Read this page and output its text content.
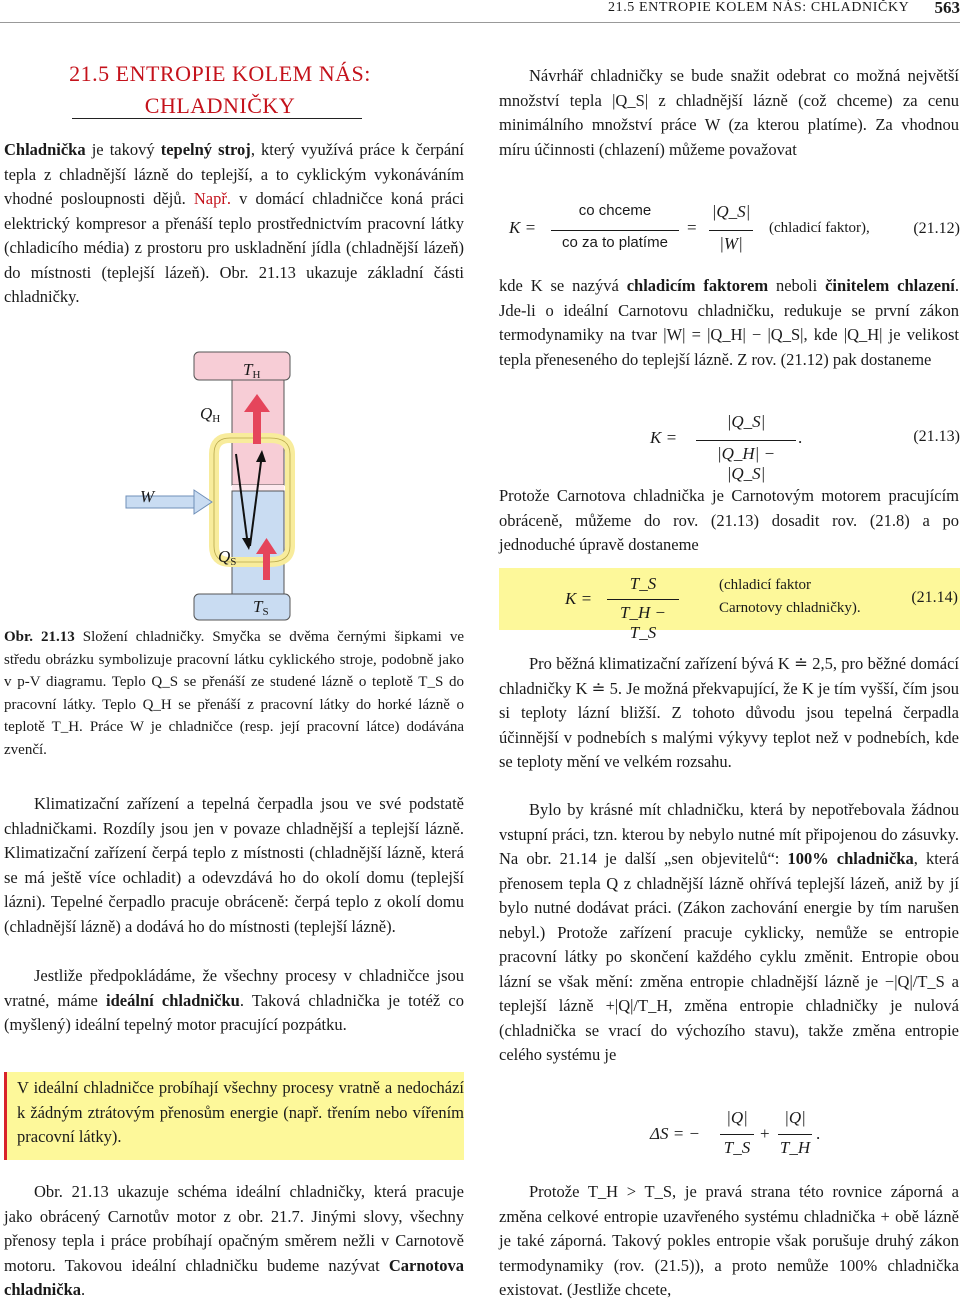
21.5 ENTROPIE KOLEM NÁS: CHLADNIČKY 563
21.5 ENTROPIE KOLEM NÁS:
CHLADNIČKY

Chladnička je takový tepelný stroj, který využívá práce k čerpání tepla z chladnější lázně do teplejší, a to cyklickým vykonáváním vhodné posloupnosti dějů. Např. v domácí chladničce koná práci elektrický kompresor a přenáší teplo prostřednictvím pracovní látky (chladicího média) z prostoru pro uskladnění jídla (chladnější lázeň) do místnosti (teplejší lázeň). Obr. 21.13 ukazuje základní části chladničky.

$T_H$
$Q_H$
W
$Q_S$
$T_S$

Obr. 21.13 Složení chladničky. Smyčka se dvěma černými šipkami ve středu obrázku symbolizuje pracovní látku cyklického stroje, podobně jako v p-V diagramu. Teplo Q_S se přenáší ze studené lázně o teplotě T_S do pracovní látky. Teplo Q_H se přenáší z pracovní látky do horké lázně o teplotě T_H. Práce W je chladničce (resp. její pracovní látce) dodávána zvenčí.

Klimatizační zařízení a tepelná čerpadla jsou ve své podstatě chladničkami. Rozdíly jsou jen v povaze chladnější a teplejší lázně. Klimatizační zařízení čerpá teplo z místnosti (chladnější lázně, která se má ještě více ochladit) a odevzdává ho do okolí domu (teplejší lázni). Tepelné čerpadlo pracuje obráceně: čerpá teplo z okolí domu (chladnější lázně) a dodává ho do místnosti (teplejší lázně).

Jestliže předpokládáme, že všechny procesy v chladničce jsou vratné, máme ideální chladničku. Taková chladnička je totéž co (myšlený) ideální tepelný motor pracující pozpátku.

V ideální chladničce probíhají všechny procesy vratně a nedochází k žádným ztrátovým přenosům energie (např. třením nebo vířením pracovní látky).

Obr. 21.13 ukazuje schéma ideální chladničky, která pracuje jako obrácený Carnotův motor z obr. 21.7. Jinými slovy, všechny přenosy tepla i práce probíhají opačným směrem nežli v Carnotově motoru. Takovou ideální chladničku budeme nazývat Carnotova chladnička.

Návrhář chladničky se bude snažit odebrat co možná největší množství tepla |Q_S| z chladnější lázně (což chceme) za cenu minimálního množství práce W (za kterou platíme). Za vhodnou míru účinnosti (chlazení) můžeme považovat

K =
co chceme
co za to platíme
=
|Q_S|
|W|
(chladicí faktor),	(21.12)

kde K se nazývá chladicím faktorem neboli činitelem chlazení. Jde-li o ideální Carnotovu chladničku, redukuje se první zákon termodynamiky na tvar |W| = |Q_H| − |Q_S|, kde |Q_H| je velikost tepla přeneseného do teplejší lázně. Z rov. (21.12) pak dostaneme

K =
|Q_S|
|Q_H| − |Q_S|
.	(21.13)

Protože Carnotova chladnička je Carnotovým motorem pracujícím obráceně, můžeme do rov. (21.13) dosadit rov. (21.8) a po jednoduché úpravě dostaneme

K =
T_S
T_H − T_S
(chladicí faktor
Carnotovy chladničky).
(21.14)

Pro běžná klimatizační zařízení bývá K ≐ 2,5, pro běžné domácí chladničky K ≐ 5. Je možná překvapující, že K je tím vyšší, čím jsou si teploty lázní bližší. Z tohoto důvodu jsou tepelná čerpadla účinnější v podnebích s malými výkyvy teplot než v podnebích, kde se teploty mění ve velkém rozsahu.

Bylo by krásné mít chladničku, která by nepotřebovala žádnou vstupní práci, tzn. kterou by nebylo nutné mít připojenou do zásuvky. Na obr. 21.14 je další „sen objevitelů“: 100% chladnička, která přenosem tepla Q z chladnější lázně ohřívá teplejší lázeň, aniž by jí bylo nutné dodávat práci. (Zákon zachování energie by tím narušen nebyl.) Protože zařízení pracuje cyklicky, nemůže se entropie pracovní látky po skončení každého cyklu změnit. Entropie obou lázní se však mění: změna entropie chladnější lázně je −|Q|/T_S a teplejší lázně +|Q|/T_H, změna entropie chladničky je nulová (chladnička se vrací do výchozího stavu), takže změna entropie celého systému je

ΔS = −
|Q|
T_S
+
|Q|
T_H
.

Protože T_H > T_S, je pravá strana této rovnice záporná a změna celkové entropie uzavřeného systému chladnička + obě lázně je také záporná. Takový pokles entropie však porušuje druhý zákon termodynamiky (rov. (21.5)), a proto nemůže 100% chladnička existovat. (Jestliže chcete,
